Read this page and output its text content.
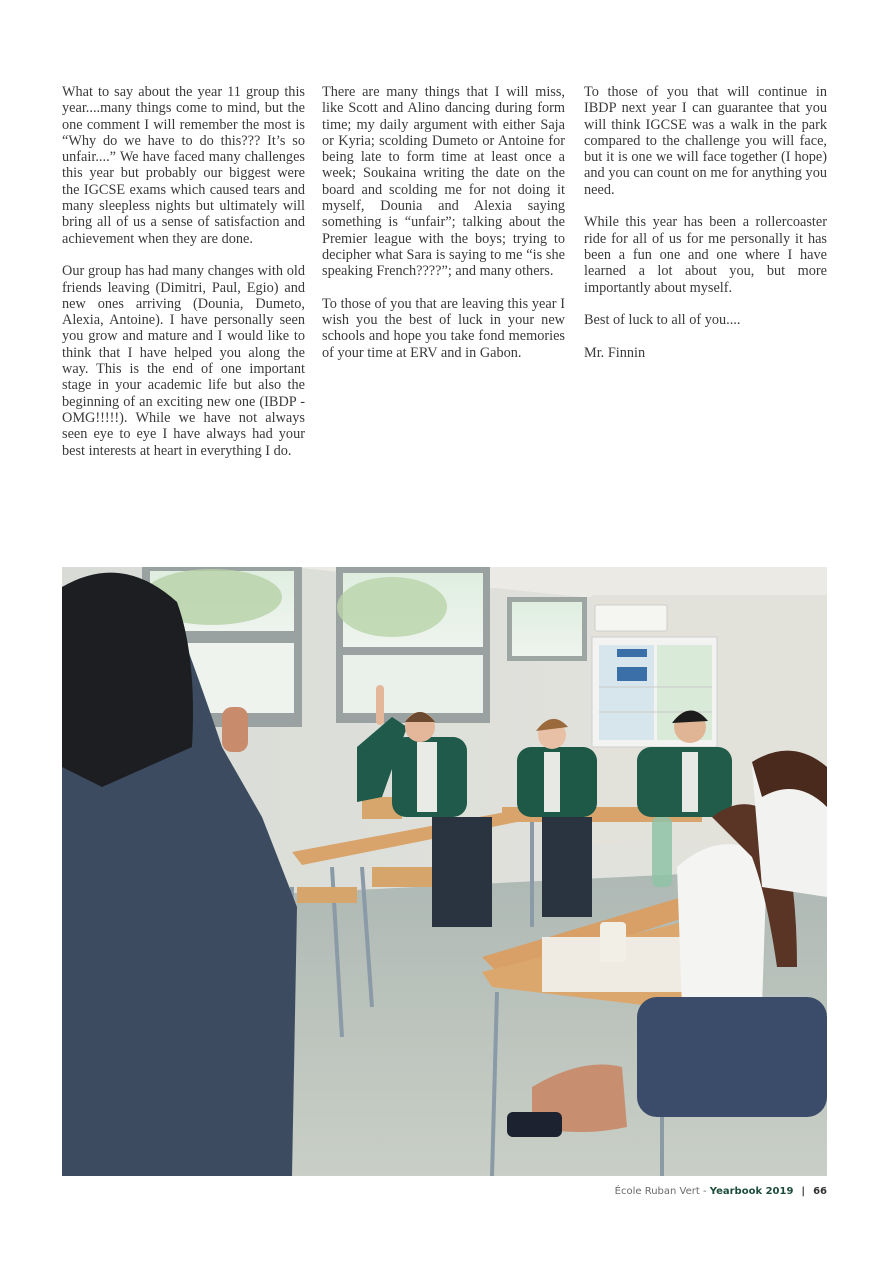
What to say about the year 11 group this year....many things come to mind, but the one comment I will remember the most is “Why do we have to do this??? It’s so unfair....” We have faced many challenges this year but probably our biggest were the IGCSE exams which caused tears and many sleepless nights but ultimately will bring all of us a sense of satisfaction and achievement when they are done.

Our group has had many changes with old friends leaving (Dimitri, Paul, Egio) and new ones arriving (Dounia, Dumeto, Alexia, Antoine). I have personally seen you grow and mature and I would like to think that I have helped you along the way. This is the end of one important stage in your academic life but also the beginning of an exciting new one (IBDP - OMG!!!!!). While we have not always seen eye to eye I have always had your best interests at heart in everything I do.

There are many things that I will miss, like Scott and Alino dancing during form time; my daily argument with either Saja or Kyria; scolding Dumeto or Antoine for being late to form time at least once a week; Soukaina writing the date on the board and scolding me for not doing it myself, Dounia and Alexia saying something is “unfair”; talking about the Premier league with the boys; trying to decipher what Sara is saying to me “is she speaking French????”; and many others.

To those of you that are leaving this year I wish you the best of luck in your new schools and hope you take fond memories of your time at ERV and in Gabon.

To those of you that will continue in IBDP next year I can guarantee that you will think IGCSE was a walk in the park compared to the challenge you will face, but it is one we will face together (I hope) and you can count on me for anything you need.

While this year has been a rollercoaster ride for all of us for me personally it has been a fun one and one where I have learned a lot about you, but more importantly about myself.

Best of luck to all of you....

Mr. Finnin

École Ruban Vert - Yearbook 2019 | 66
